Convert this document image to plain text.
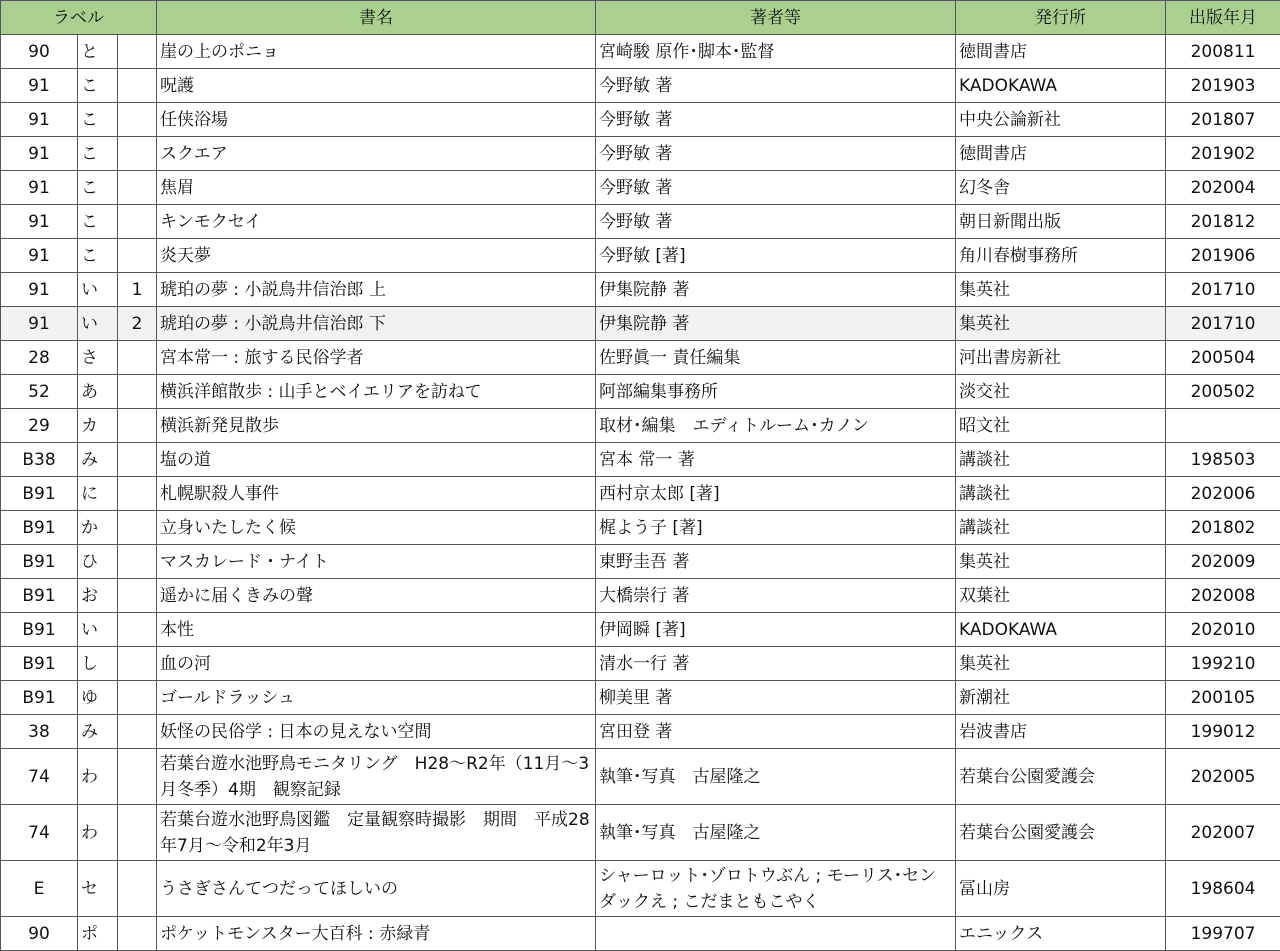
ラベル			書名	著者等	発行所	出版年月
90	と		崖の上のポニョ	宮崎駿 原作･脚本･監督	徳間書店	200811
91	こ		呪護	今野敏 著	KADOKAWA	201903
91	こ		任侠浴場	今野敏 著	中央公論新社	201807
91	こ		スクエア	今野敏 著	徳間書店	201902
91	こ		焦眉	今野敏 著	幻冬舎	202004
91	こ		キンモクセイ	今野敏 著	朝日新聞出版	201812
91	こ		炎天夢	今野敏 [著]	角川春樹事務所	201906
91	い	1	琥珀の夢 : 小説鳥井信治郎 上	伊集院静 著	集英社	201710
91	い	2	琥珀の夢 : 小説鳥井信治郎 下	伊集院静 著	集英社	201710
28	さ		宮本常一 : 旅する民俗学者	佐野眞一 責任編集	河出書房新社	200504
52	あ		横浜洋館散歩 : 山手とベイエリアを訪ねて	阿部編集事務所	淡交社	200502
29	カ		横浜新発見散歩	取材･編集　エディトルーム･カノン	昭文社	
B38	み		塩の道	宮本 常一 著	講談社	198503
B91	に		札幌駅殺人事件	西村京太郎 [著]	講談社	202006
B91	か		立身いたしたく候	梶よう子 [著]	講談社	201802
B91	ひ		マスカレード・ナイト	東野圭吾 著	集英社	202009
B91	お		遥かに届くきみの聲	大橋崇行 著	双葉社	202008
B91	い		本性	伊岡瞬 [著]	KADOKAWA	202010
B91	し		血の河	清水一行 著	集英社	199210
B91	ゆ		ゴールドラッシュ	柳美里 著	新潮社	200105
38	み		妖怪の民俗学 : 日本の見えない空間	宮田登 著	岩波書店	199012
74	わ		若葉台遊水池野鳥モニタリング　H28～R2年（11月～3月冬季）4期　観察記録	執筆･写真　古屋隆之	若葉台公園愛護会	202005
74	わ		若葉台遊水池野鳥図鑑　定量観察時撮影　期間　平成28年7月～令和2年3月	執筆･写真　古屋隆之	若葉台公園愛護会	202007
E	セ		うさぎさんてつだってほしいの	シャーロット･ゾロトウぶん ; モーリス･センダックえ ; こだまともこやく	冨山房	198604
90	ポ		ポケットモンスター大百科 : 赤緑青		エニックス	199707
